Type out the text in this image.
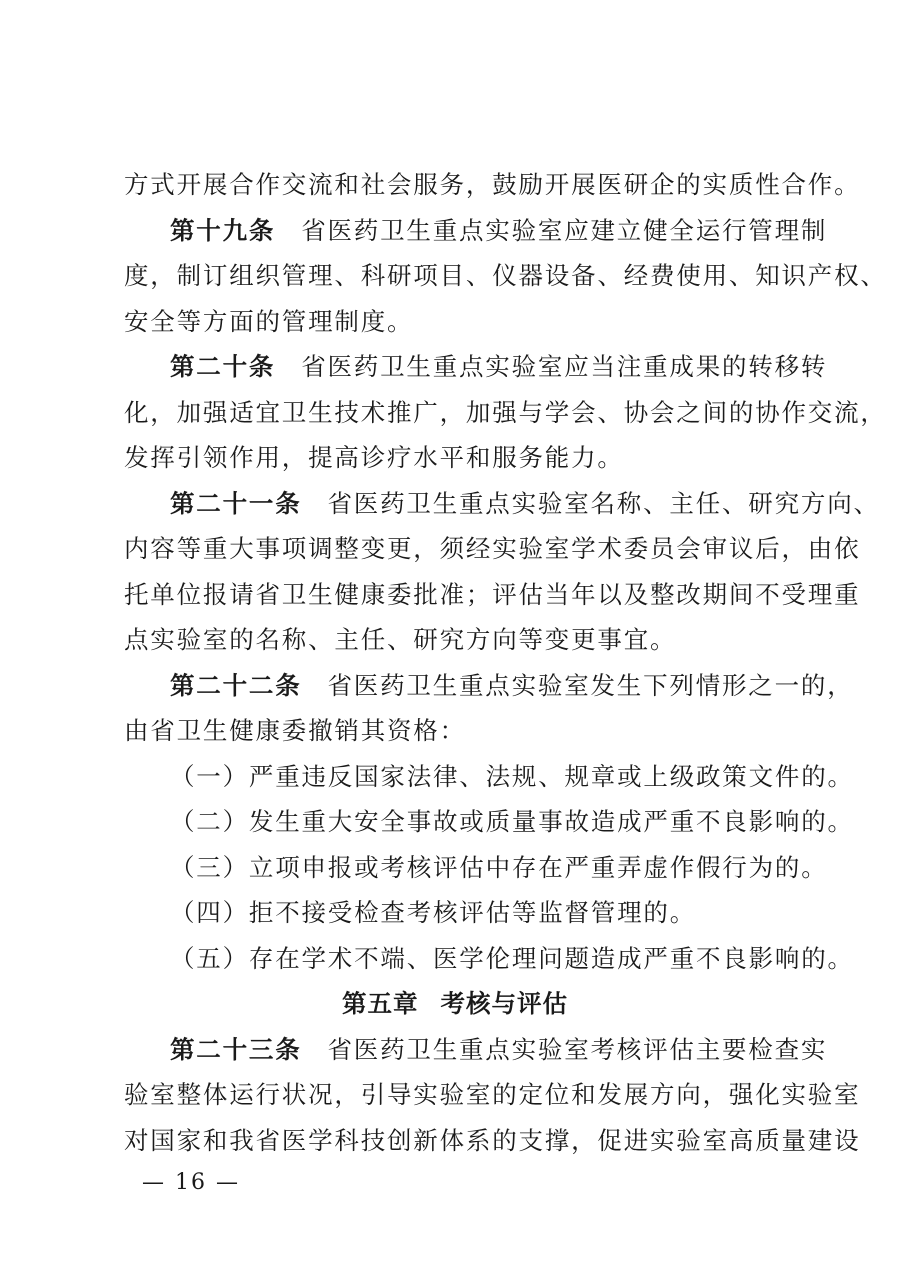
方式开展合作交流和社会服务，鼓励开展医研企的实质性合作。
第十九条 省医药卫生重点实验室应建立健全运行管理制
度，制订组织管理、科研项目、仪器设备、经费使用、知识产权、
安全等方面的管理制度。
第二十条 省医药卫生重点实验室应当注重成果的转移转
化，加强适宜卫生技术推广，加强与学会、协会之间的协作交流，
发挥引领作用，提高诊疗水平和服务能力。
第二十一条 省医药卫生重点实验室名称、主任、研究方向、
内容等重大事项调整变更，须经实验室学术委员会审议后，由依
托单位报请省卫生健康委批准；评估当年以及整改期间不受理重
点实验室的名称、主任、研究方向等变更事宜。
第二十二条 省医药卫生重点实验室发生下列情形之一的，
由省卫生健康委撤销其资格：
（一）严重违反国家法律、法规、规章或上级政策文件的。
（二）发生重大安全事故或质量事故造成严重不良影响的。
（三）立项申报或考核评估中存在严重弄虚作假行为的。
（四）拒不接受检查考核评估等监督管理的。
（五）存在学术不端、医学伦理问题造成严重不良影响的。
第五章 考核与评估
第二十三条 省医药卫生重点实验室考核评估主要检查实
验室整体运行状况，引导实验室的定位和发展方向，强化实验室
对国家和我省医学科技创新体系的支撑，促进实验室高质量建设
— 16 —
